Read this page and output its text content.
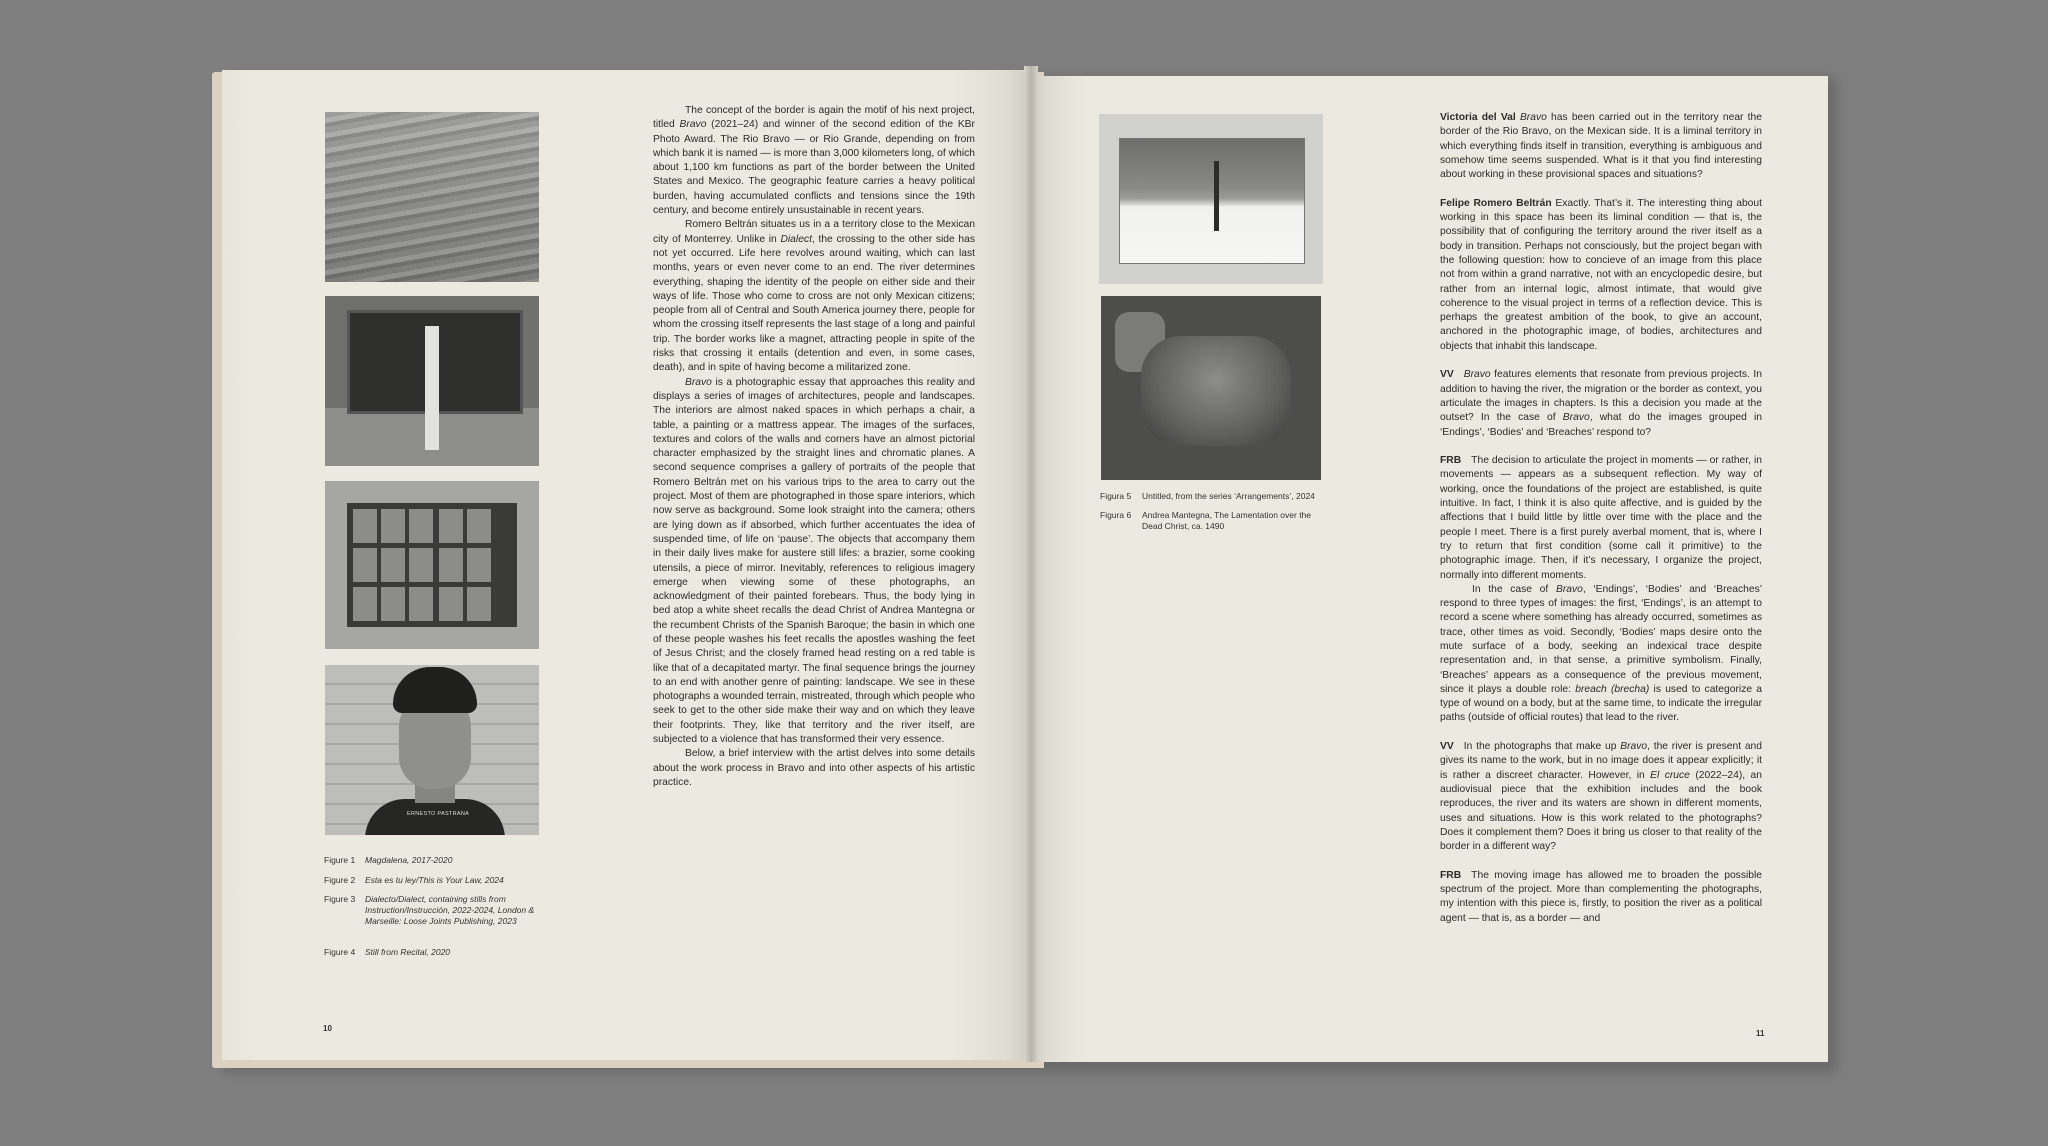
ERNESTO PASTRANA
Figure 1	Magdalena, 2017-2020
Figure 2	Esta es tu ley/This is Your Law, 2024
Figure 3	Dialecto/Dialect, containing stills from Instruction/Instrucción, 2022-2024, London & Marseille: Loose Joints Publishing, 2023
Figure 4	Still from Recital, 2020

The concept of the border is again the motif of his next project, titled Bravo (2021–24) and winner of the second edition of the KBr Photo Award. The Rio Bravo — or Rio Grande, depending on from which bank it is named — is more than 3,000 kilometers long, of which about 1,100 km functions as part of the border between the United States and Mexico. The geographic feature carries a heavy political burden, having accumulated conflicts and tensions since the 19th century, and become entirely unsustainable in recent years.

Romero Beltrán situates us in a a territory close to the Mexican city of Monterrey. Unlike in Dialect, the crossing to the other side has not yet occurred. Life here revolves around waiting, which can last months, years or even never come to an end. The river determines everything, shaping the identity of the people on either side and their ways of life. Those who come to cross are not only Mexican citizens; people from all of Central and South America journey there, people for whom the crossing itself represents the last stage of a long and painful trip. The border works like a magnet, attracting people in spite of the risks that crossing it entails (detention and even, in some cases, death), and in spite of having become a militarized zone.

Bravo is a photographic essay that approaches this reality and displays a series of images of architectures, people and landscapes. The interiors are almost naked spaces in which perhaps a chair, a table, a painting or a mattress appear. The images of the surfaces, textures and colors of the walls and corners have an almost pictorial character emphasized by the straight lines and chromatic planes. A second sequence comprises a gallery of portraits of the people that Romero Beltrán met on his various trips to the area to carry out the project. Most of them are photographed in those spare interiors, which now serve as background. Some look straight into the camera; others are lying down as if absorbed, which further accentuates the idea of suspended time, of life on ‘pause’. The objects that accompany them in their daily lives make for austere still lifes: a brazier, some cooking utensils, a piece of mirror. Inevitably, references to religious imagery emerge when viewing some of these photographs, an acknowledgment of their painted forebears. Thus, the body lying in bed atop a white sheet recalls the dead Christ of Andrea Mantegna or the recumbent Christs of the Spanish Baroque; the basin in which one of these people washes his feet recalls the apostles washing the feet of Jesus Christ; and the closely framed head resting on a red table is like that of a decapitated martyr. The final sequence brings the journey to an end with another genre of painting: landscape. We see in these photographs a wounded terrain, mistreated, through which people who seek to get to the other side make their way and on which they leave their footprints. They, like that territory and the river itself, are subjected to a violence that has transformed their very essence.

Below, a brief interview with the artist delves into some details about the work process in Bravo and into other aspects of his artistic practice.

10
Figura 5	Untitled, from the series ‘Arrangements’, 2024
Figura 6	Andrea Mantegna, The Lamentation over the Dead Christ, ca. 1490

Victoria del Val Bravo has been carried out in the territory near the border of the Rio Bravo, on the Mexican side. It is a liminal territory in which everything finds itself in transition, everything is ambiguous and somehow time seems suspended. What is it that you find interesting about working in these provisional spaces and situations?

Felipe Romero Beltrán Exactly. That’s it. The interesting thing about working in this space has been its liminal condition — that is, the possibility that of configuring the territory around the river itself as a body in transition. Perhaps not consciously, but the project began with the following question: how to concieve of an image from this place not from within a grand narrative, not with an encyclopedic desire, but rather from an internal logic, almost intimate, that would give coherence to the visual project in terms of a reflection device. This is perhaps the greatest ambition of the book, to give an account, anchored in the photographic image, of bodies, architectures and objects that inhabit this landscape.

VV Bravo features elements that resonate from previous projects. In addition to having the river, the migration or the border as context, you articulate the images in chapters. Is this a decision you made at the outset? In the case of Bravo, what do the images grouped in ‘Endings’, ‘Bodies’ and ‘Breaches’ respond to?

FRB The decision to articulate the project in moments — or rather, in movements — appears as a subsequent reflection. My way of working, once the foundations of the project are established, is quite intuitive. In fact, I think it is also quite affective, and is guided by the affections that I build little by little over time with the place and the people I meet. There is a first purely averbal moment, that is, where I try to return that first condition (some call it primitive) to the photographic image. Then, if it’s necessary, I organize the project, normally into different moments.

In the case of Bravo, ‘Endings’, ‘Bodies’ and ‘Breaches’ respond to three types of images: the first, ‘Endings’, is an attempt to record a scene where something has already occurred, sometimes as trace, other times as void. Secondly, ‘Bodies’ maps desire onto the mute surface of a body, seeking an indexical trace despite representation and, in that sense, a primitive symbolism. Finally, ‘Breaches’ appears as a consequence of the previous movement, since it plays a double role: breach (brecha) is used to categorize a type of wound on a body, but at the same time, to indicate the irregular paths (outside of official routes) that lead to the river.

VV In the photographs that make up Bravo, the river is present and gives its name to the work, but in no image does it appear explicitly; it is rather a discreet character. However, in El cruce (2022–24), an audiovisual piece that the exhibition includes and the book reproduces, the river and its waters are shown in different moments, uses and situations. How is this work related to the photographs? Does it complement them? Does it bring us closer to that reality of the border in a different way?

FRB The moving image has allowed me to broaden the possible spectrum of the project. More than complementing the photographs, my intention with this piece is, firstly, to position the river as a political agent — that is, as a border — and

11
